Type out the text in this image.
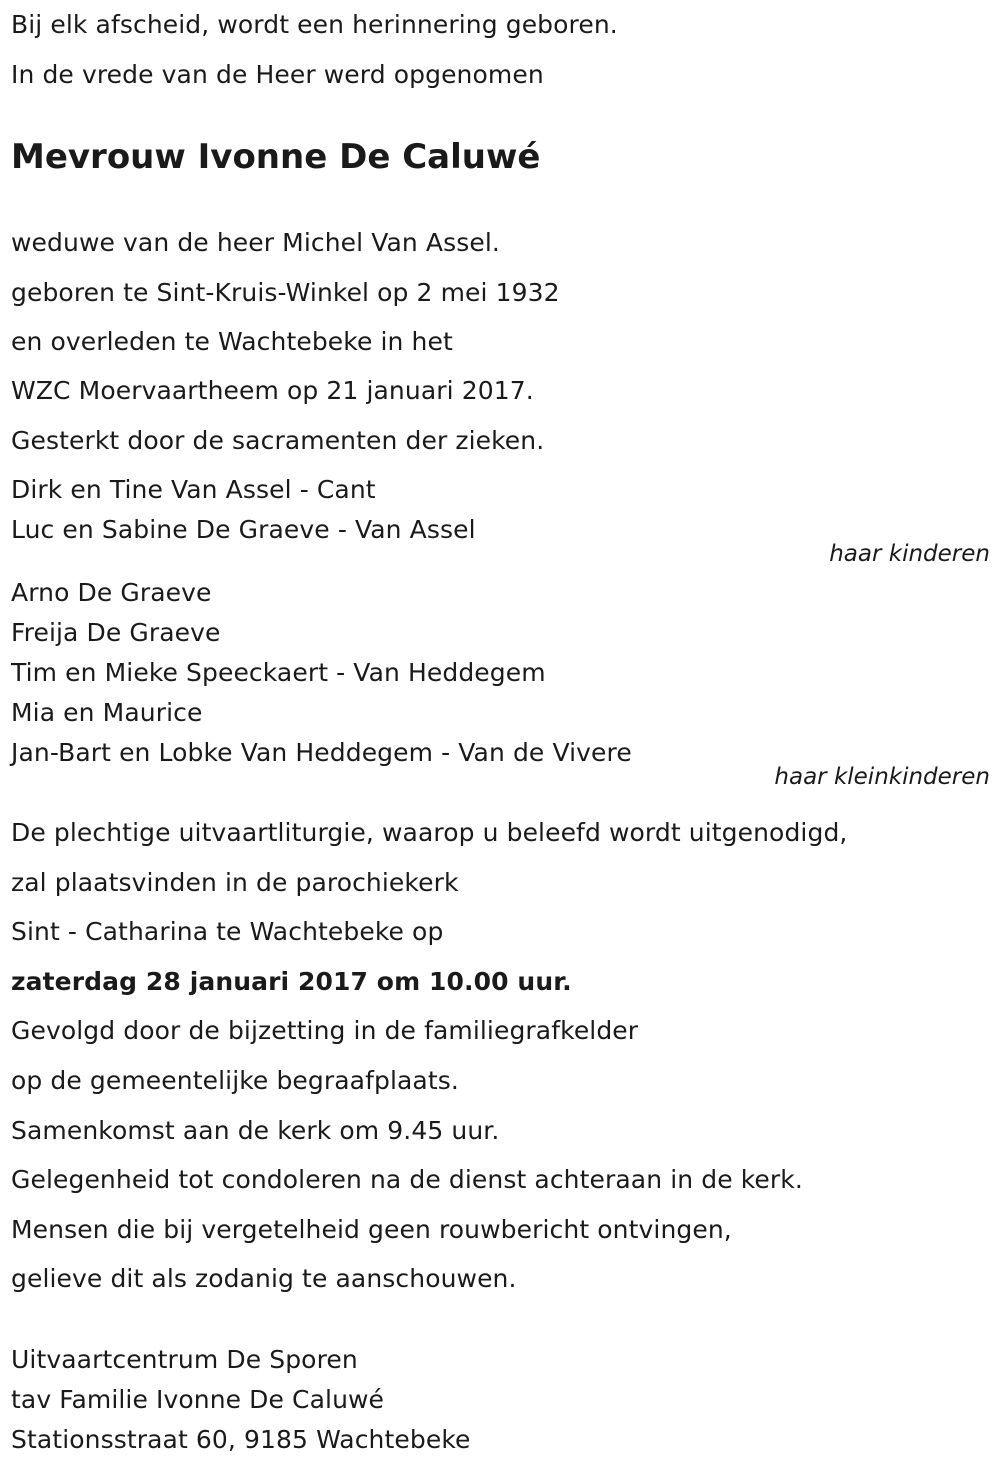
Bij elk afscheid, wordt een herinnering geboren.
In de vrede van de Heer werd opgenomen
Mevrouw Ivonne De Caluwé
weduwe van de heer Michel Van Assel.
geboren te Sint-Kruis-Winkel op 2 mei 1932
en overleden te Wachtebeke in het
WZC Moervaartheem op 21 januari 2017.
Gesterkt door de sacramenten der zieken.
Dirk en Tine Van Assel - Cant
Luc en Sabine De Graeve - Van Assel
haar kinderen
Arno De Graeve
Freija De Graeve
Tim en Mieke Speeckaert - Van Heddegem
Mia en Maurice
Jan-Bart en Lobke Van Heddegem - Van de Vivere
haar kleinkinderen
De plechtige uitvaartliturgie, waarop u beleefd wordt uitgenodigd,
zal plaatsvinden in de parochiekerk
Sint - Catharina te Wachtebeke op
zaterdag 28 januari 2017 om 10.00 uur.
Gevolgd door de bijzetting in de familiegrafkelder
op de gemeentelijke begraafplaats.
Samenkomst aan de kerk om 9.45 uur.
Gelegenheid tot condoleren na de dienst achteraan in de kerk.
Mensen die bij vergetelheid geen rouwbericht ontvingen,
gelieve dit als zodanig te aanschouwen.
Uitvaartcentrum De Sporen
tav Familie Ivonne De Caluwé
Stationsstraat 60, 9185 Wachtebeke
